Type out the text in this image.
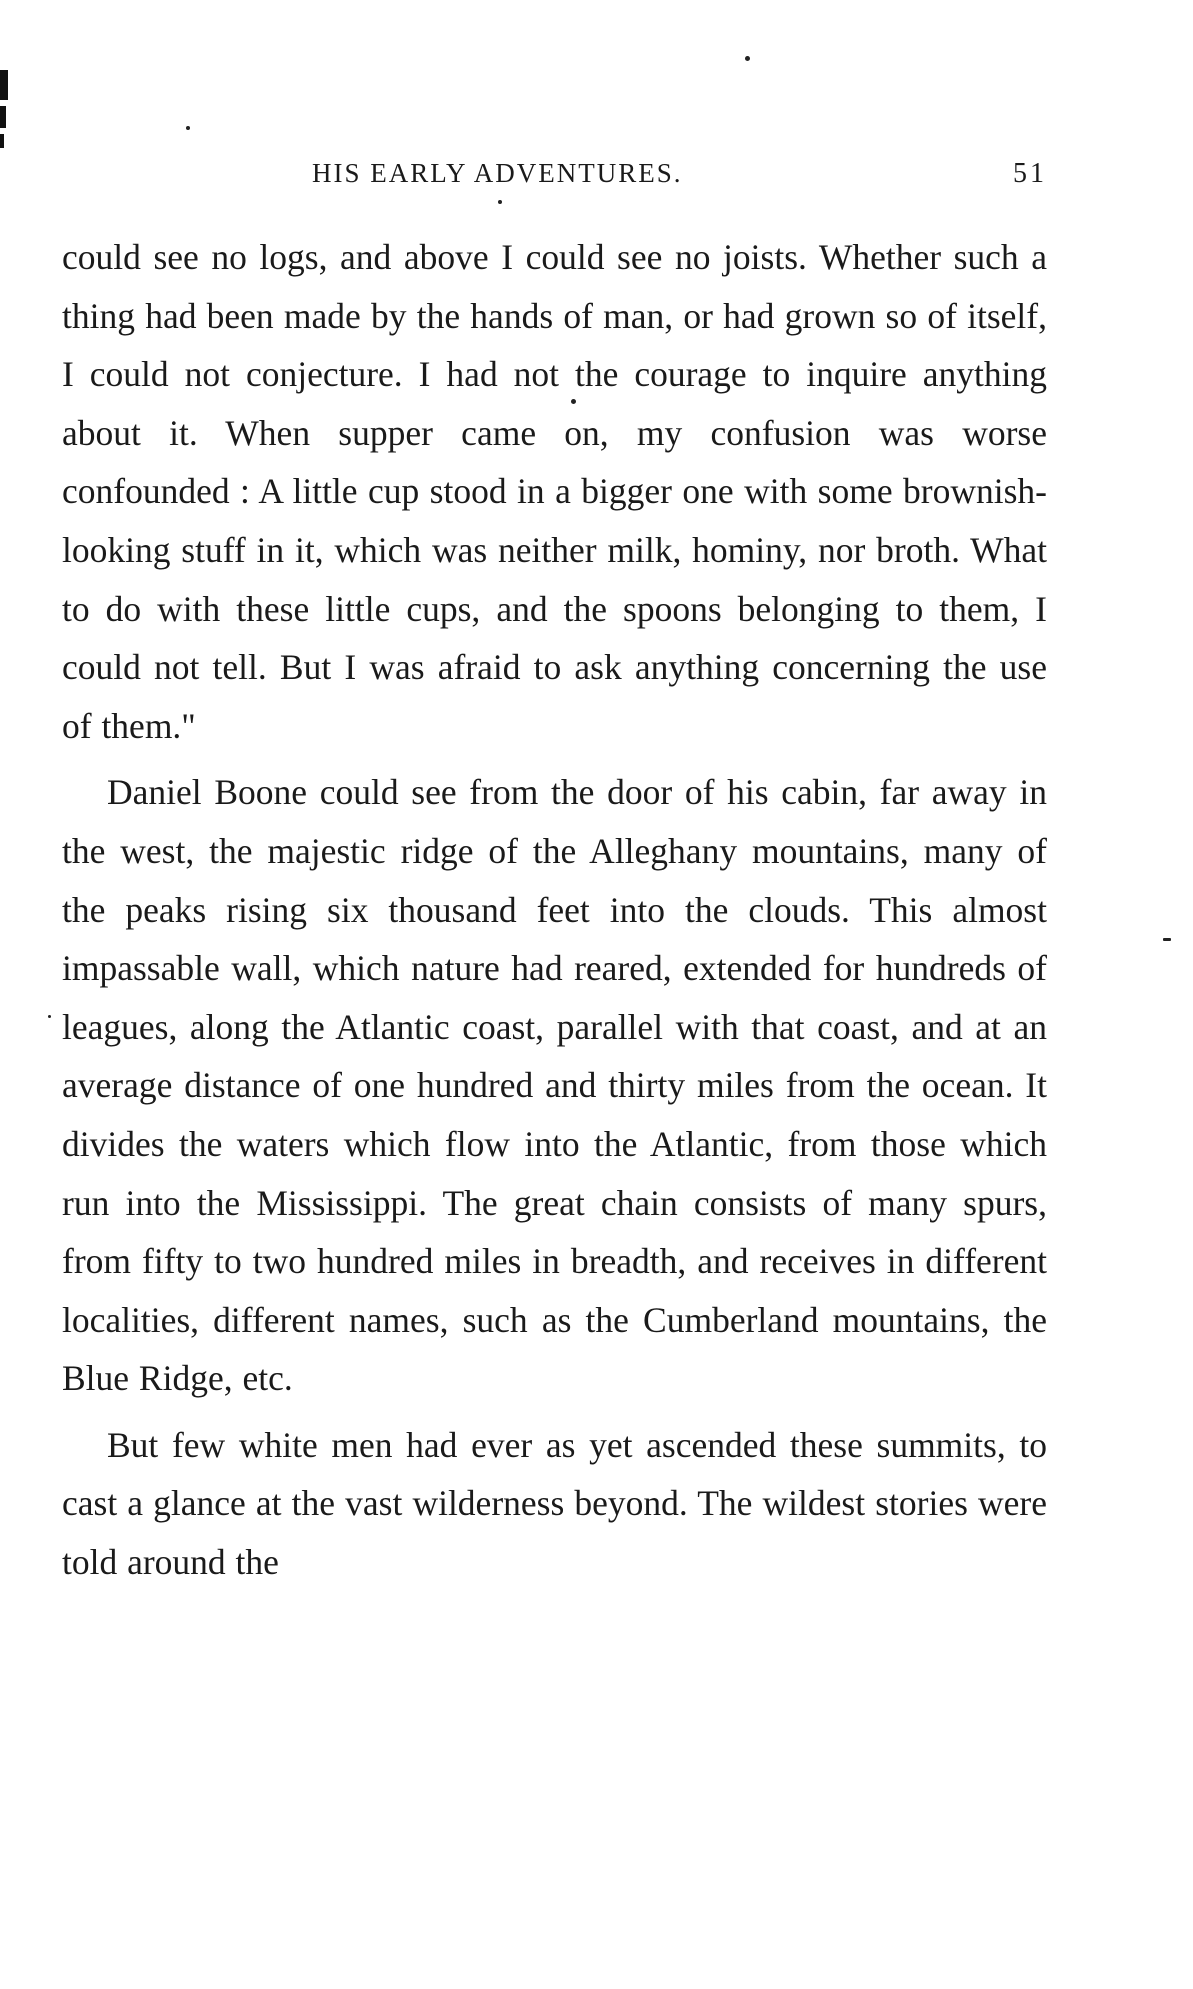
HIS EARLY ADVENTURES.	51

could see no logs, and above I could see no joists. Whether such a thing had been made by the hands of man, or had grown so of itself, I could not conjecture. I had not the courage to inquire anything about it. When supper came on, my confusion was worse confounded : A little cup stood in a bigger one with some brownish-looking stuff in it, which was neither milk, hominy, nor broth. What to do with these little cups, and the spoons belonging to them, I could not tell. But I was afraid to ask anything concerning the use of them."

Daniel Boone could see from the door of his cabin, far away in the west, the majestic ridge of the Alleghany mountains, many of the peaks rising six thousand feet into the clouds. This almost impassable wall, which nature had reared, extended for hundreds of leagues, along the Atlantic coast, parallel with that coast, and at an average distance of one hundred and thirty miles from the ocean. It divides the waters which flow into the Atlantic, from those which run into the Mississippi. The great chain consists of many spurs, from fifty to two hundred miles in breadth, and receives in different localities, different names, such as the Cumberland mountains, the Blue Ridge, etc.

But few white men had ever as yet ascended these summits, to cast a glance at the vast wilderness beyond. The wildest stories were told around the
